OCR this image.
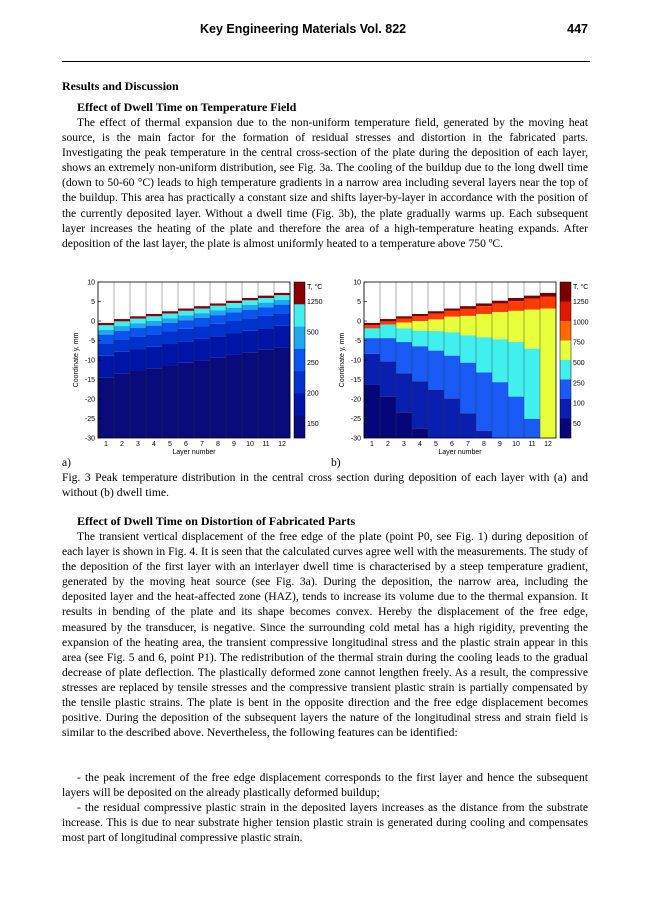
Key Engineering Materials Vol. 822	447
Results and Discussion
Effect of Dwell Time on Temperature Field

The effect of thermal expansion due to the non-uniform temperature field, generated by the moving heat source, is the main factor for the formation of residual stresses and distortion in the fabricated parts. Investigating the peak temperature in the central cross-section of the plate during the deposition of each layer, shows an extremely non-uniform distribution, see Fig. 3a. The cooling of the buildup due to the long dwell time (down to 50-60 °C) leads to high temperature gradients in a narrow area including several layers near the top of the buildup. This area has practically a constant size and shifts layer-by-layer in accordance with the position of the currently deposited layer. Without a dwell time (Fig. 3b), the plate gradually warms up. Each subsequent layer increases the heating of the plate and therefore the area of a high-temperature heating expands. After deposition of the last layer, the plate is almost uniformly heated to a temperature above 750 ºC.

10
5
0
-5
-10
-15
-20
-25
-30
1 2 3 4 5 6 7 8 9 10 11 12
Layer number
Coordinate y, mm
T, °C
1250
500
250
200
150
10
5
0
-5
-10
-15
-20
-25
-30
1 2 3 4 5 6 7 8 9 10 11 12
Layer number
Coordinate y, mm
T, °C
1250
1000
750
500
250
100
50
a)	b)
Fig. 3 Peak temperature distribution in the central cross section during deposition of each layer with (a) and without (b) dwell time.
Effect of Dwell Time on Distortion of Fabricated Parts

The transient vertical displacement of the free edge of the plate (point P0, see Fig. 1) during deposition of each layer is shown in Fig. 4. It is seen that the calculated curves agree well with the measurements. The study of the deposition of the first layer with an interlayer dwell time is characterised by a steep temperature gradient, generated by the moving heat source (see Fig. 3a). During the deposition, the narrow area, including the deposited layer and the heat-affected zone (HAZ), tends to increase its volume due to the thermal expansion. It results in bending of the plate and its shape becomes convex. Hereby the displacement of the free edge, measured by the transducer, is negative. Since the surrounding cold metal has a high rigidity, preventing the expansion of the heating area, the transient compressive longitudinal stress and the plastic strain appear in this area (see Fig. 5 and 6, point P1). The redistribution of the thermal strain during the cooling leads to the gradual decrease of plate deflection. The plastically deformed zone cannot lengthen freely. As a result, the compressive stresses are replaced by tensile stresses and the compressive transient plastic strain is partially compensated by the tensile plastic strains. The plate is bent in the opposite direction and the free edge displacement becomes positive. During the deposition of the subsequent layers the nature of the longitudinal stress and strain field is similar to the described above. Nevertheless, the following features can be identified:

- the peak increment of the free edge displacement corresponds to the first layer and hence the subsequent layers will be deposited on the already plastically deformed buildup;

- the residual compressive plastic strain in the deposited layers increases as the distance from the substrate increase. This is due to near substrate higher tension plastic strain is generated during cooling and compensates most part of longitudinal compressive plastic strain.
